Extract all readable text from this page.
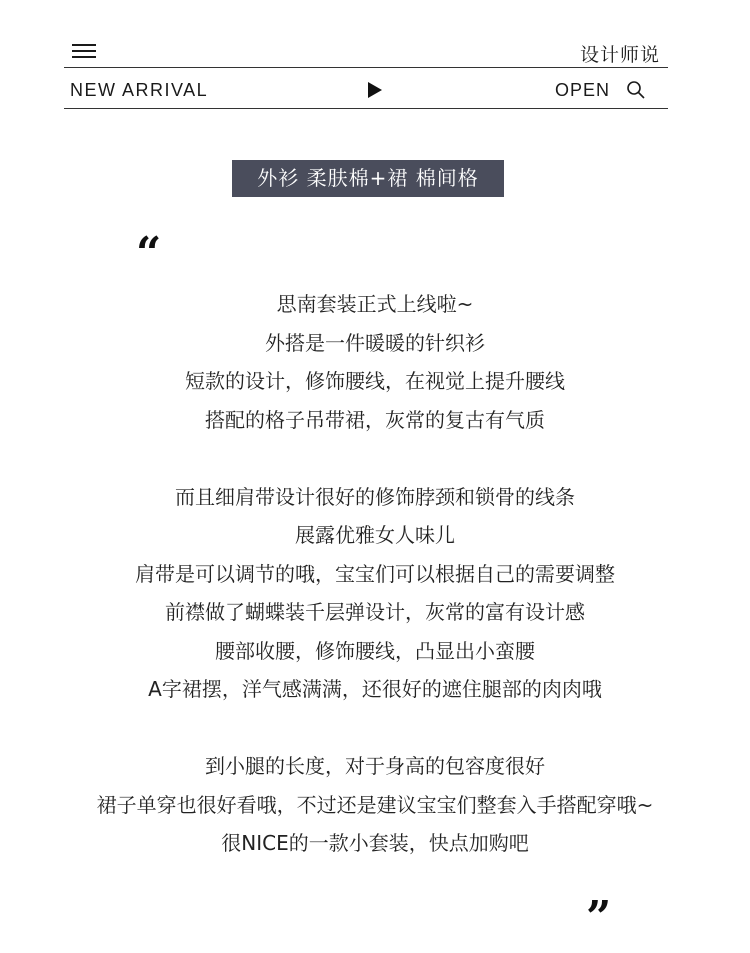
设计师说
NEW ARRIVAL	OPEN
外衫 柔肤棉+裙 棉间格
“
思南套装正式上线啦~
外搭是一件暖暖的针织衫
短款的设计，修饰腰线，在视觉上提升腰线
搭配的格子吊带裙，灰常的复古有气质
而且细肩带设计很好的修饰脖颈和锁骨的线条
展露优雅女人味儿
肩带是可以调节的哦，宝宝们可以根据自己的需要调整
前襟做了蝴蝶装千层弹设计，灰常的富有设计感
腰部收腰，修饰腰线，凸显出小蛮腰
A字裙摆，洋气感满满，还很好的遮住腿部的肉肉哦
到小腿的长度，对于身高的包容度很好
裙子单穿也很好看哦，不过还是建议宝宝们整套入手搭配穿哦~
很NICE的一款小套装，快点加购吧
”
